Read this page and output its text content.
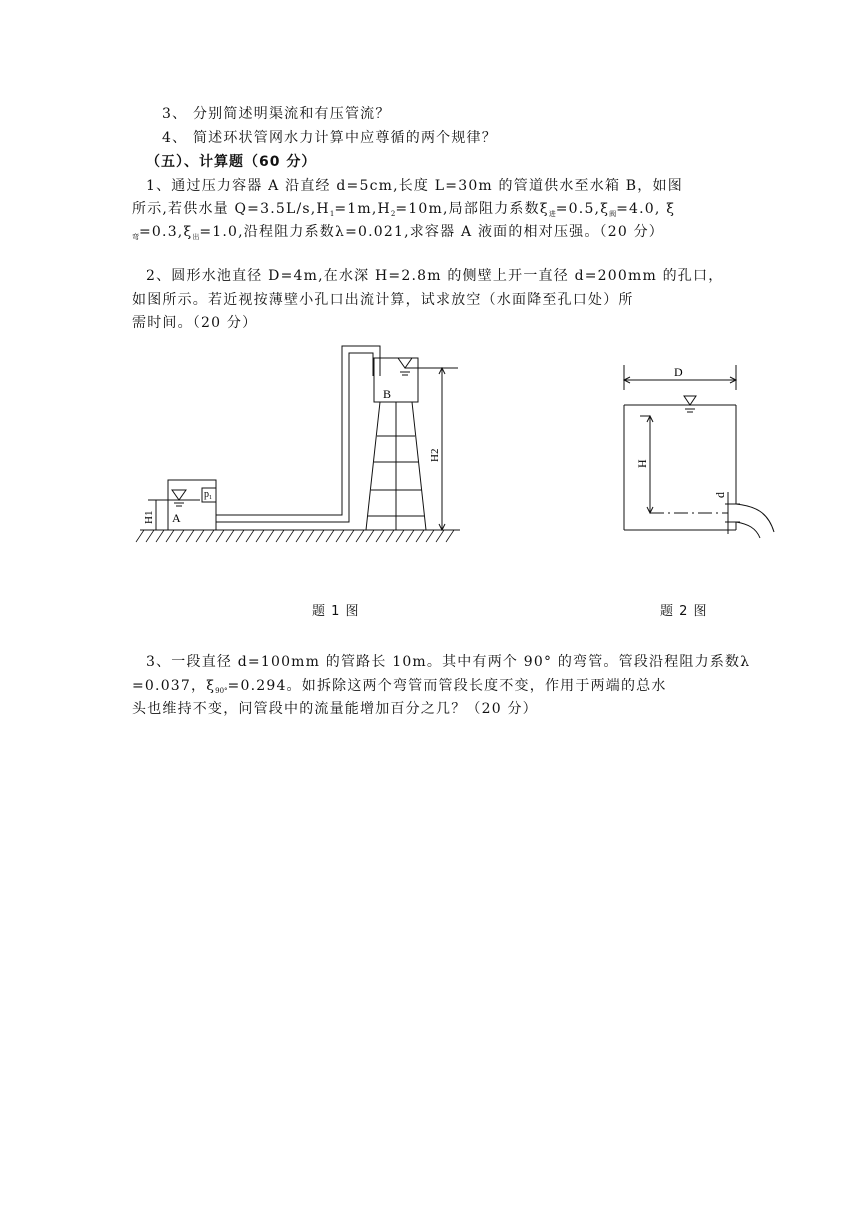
3、 分别简述明渠流和有压管流？
4、 简述环状管网水力计算中应尊循的两个规律？
（五）、计算题（60 分）
1、通过压力容器 A 沿直经 d=5cm,长度 L=30m 的管道供水至水箱 B，如图
所示,若供水量 $Q=3.5L/s,H_1=1m,H_2=10m$,局部阻力系数$\xi_进=0.5,\xi_阀=4.0$, ξ
$_弯=0.3,\xi_出=1.0$,沿程阻力系数λ=0.021,求容器 A 液面的相对压强。（20 分）
2、圆形水池直径 D=4m,在水深 H=2.8m 的侧壁上开一直径 d=200mm 的孔口，
如图所示。若近视按薄壁小孔口出流计算，试求放空（水面降至孔口处）所
需时间。（20 分）
B
A
$p_1$
H1
H2
D
H
d
题 1 图	题 2 图
3、一段直径 d=100mm 的管路长 10m。其中有两个 90° 的弯管。管段沿程阻力系数λ
=0.037，$\xi_{90^\circ}=0.294$。如拆除这两个弯管而管段长度不变，作用于两端的总水
头也维持不变，问管段中的流量能增加百分之几？（20 分）
